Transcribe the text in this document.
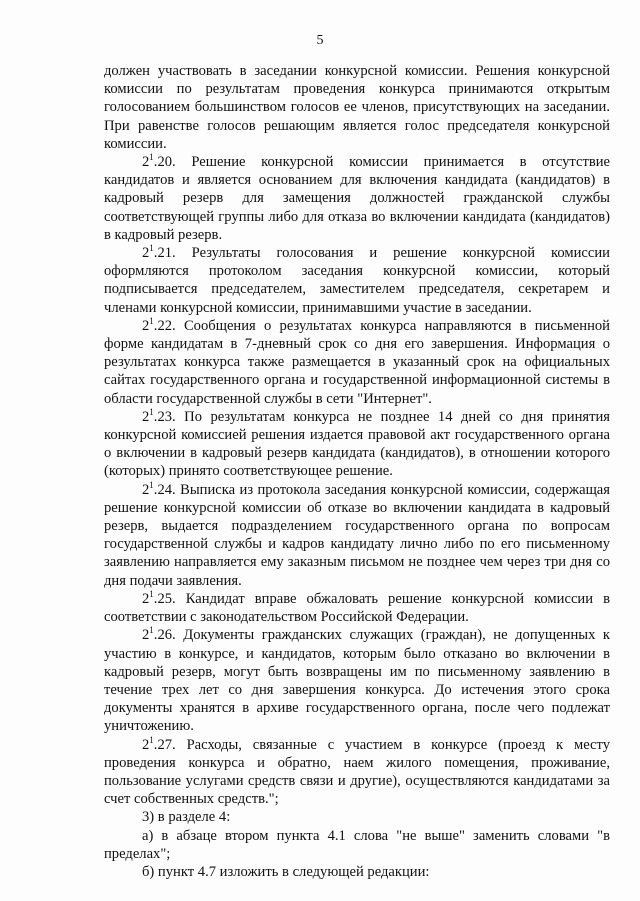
5

должен участвовать в заседании конкурсной комиссии. Решения конкурсной комиссии по результатам проведения конкурса принимаются открытым голосованием большинством голосов ее членов, присутствующих на заседании. При равенстве голосов решающим является голос председателя конкурсной комиссии.

$2^1.20$. Решение конкурсной комиссии принимается в отсутствие кандидатов и является основанием для включения кандидата (кандидатов) в кадровый резерв для замещения должностей гражданской службы соответствующей группы либо для отказа во включении кандидата (кандидатов) в кадровый резерв.

$2^1.21$. Результаты голосования и решение конкурсной комиссии оформляются протоколом заседания конкурсной комиссии, который подписывается председателем, заместителем председателя, секретарем и членами конкурсной комиссии, принимавшими участие в заседании.

$2^1.22$. Сообщения о результатах конкурса направляются в письменной форме кандидатам в 7-дневный срок со дня его завершения. Информация о результатах конкурса также размещается в указанный срок на официальных сайтах государственного органа и государственной информационной системы в области государственной службы в сети "Интернет".

$2^1.23$. По результатам конкурса не позднее 14 дней со дня принятия конкурсной комиссией решения издается правовой акт государственного органа о включении в кадровый резерв кандидата (кандидатов), в отношении которого (которых) принято соответствующее решение.

$2^1.24$. Выписка из протокола заседания конкурсной комиссии, содержащая решение конкурсной комиссии об отказе во включении кандидата в кадровый резерв, выдается подразделением государственного органа по вопросам государственной службы и кадров кандидату лично либо по его письменному заявлению направляется ему заказным письмом не позднее чем через три дня со дня подачи заявления.

$2^1.25$. Кандидат вправе обжаловать решение конкурсной комиссии в соответствии с законодательством Российской Федерации.

$2^1.26$. Документы гражданских служащих (граждан), не допущенных к участию в конкурсе, и кандидатов, которым было отказано во включении в кадровый резерв, могут быть возвращены им по письменному заявлению в течение трех лет со дня завершения конкурса. До истечения этого срока документы хранятся в архиве государственного органа, после чего подлежат уничтожению.

$2^1.27$. Расходы, связанные с участием в конкурсе (проезд к месту проведения конкурса и обратно, наем жилого помещения, проживание, пользование услугами средств связи и другие), осуществляются кандидатами за счет собственных средств.";

3) в разделе 4:

а) в абзаце втором пункта 4.1 слова "не выше" заменить словами "в пределах";

б) пункт 4.7 изложить в следующей редакции:
